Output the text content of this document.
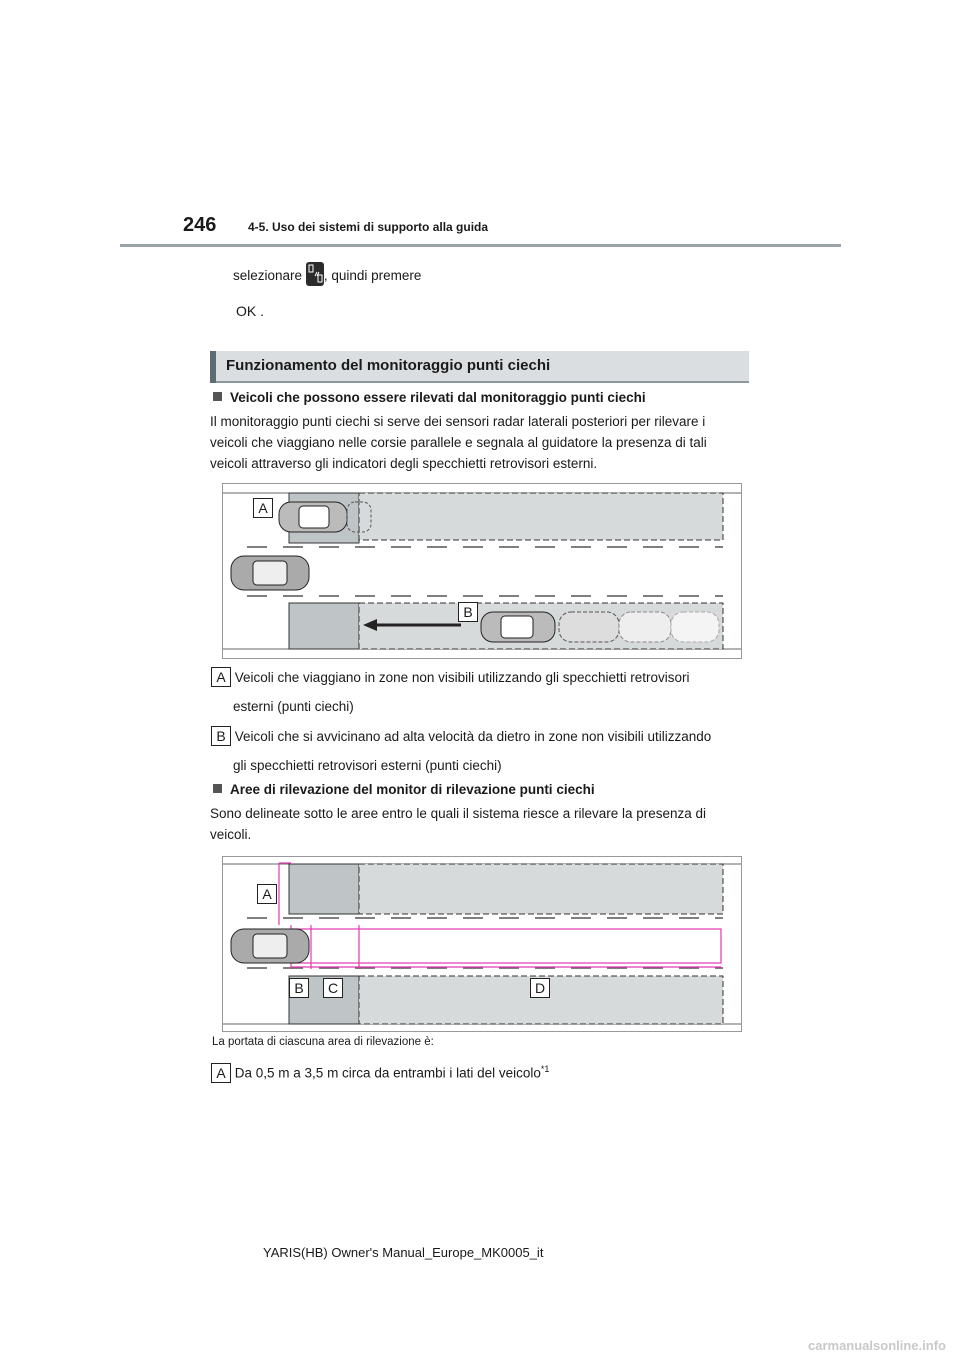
246	4-5. Uso dei sistemi di supporto alla guida
selezionare , quindi premere
OK .
Funzionamento del monitoraggio punti ciechi
Veicoli che possono essere rilevati dal monitoraggio punti ciechi
Il monitoraggio punti ciechi si serve dei sensori radar laterali posteriori per rilevare i
veicoli che viaggiano nelle corsie parallele e segnala al guidatore la presenza di tali
veicoli attraverso gli indicatori degli specchietti retrovisori esterni.
A
B
A Veicoli che viaggiano in zone non visibili utilizzando gli specchietti retrovisori
esterni (punti ciechi)
B Veicoli che si avvicinano ad alta velocità da dietro in zone non visibili utilizzando
gli specchietti retrovisori esterni (punti ciechi)
Aree di rilevazione del monitor di rilevazione punti ciechi
Sono delineate sotto le aree entro le quali il sistema riesce a rilevare la presenza di
veicoli.
A
B	C	D
La portata di ciascuna area di rilevazione è:
A Da 0,5 m a 3,5 m circa da entrambi i lati del veicolo$^{*1}$
YARIS(HB) Owner's Manual_Europe_MK0005_it
carmanualsonline.info
